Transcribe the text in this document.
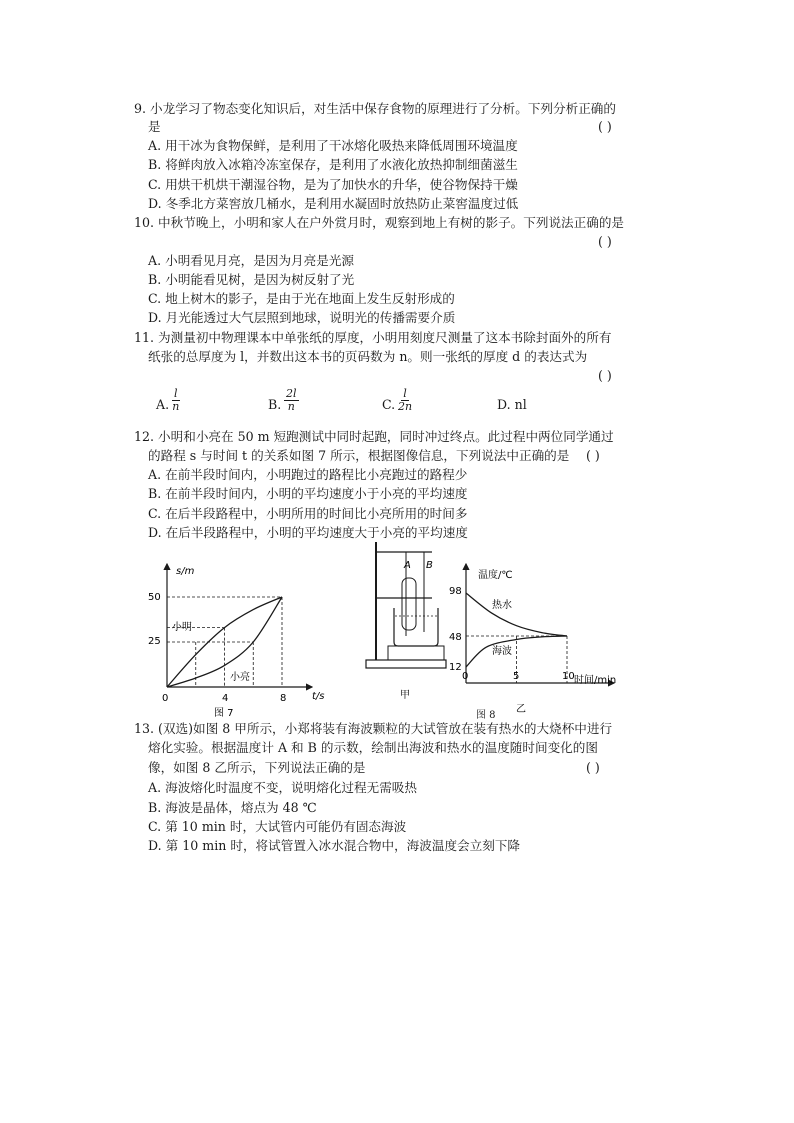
9. 小龙学习了物态变化知识后，对生活中保存食物的原理进行了分析。下列分析正确的
是	( )
A. 用干冰为食物保鲜，是利用了干冰熔化吸热来降低周围环境温度
B. 将鲜肉放入冰箱冷冻室保存，是利用了水液化放热抑制细菌滋生
C. 用烘干机烘干潮湿谷物，是为了加快水的升华，使谷物保持干燥
D. 冬季北方菜窖放几桶水，是利用水凝固时放热防止菜窖温度过低
10. 中秋节晚上，小明和家人在户外赏月时，观察到地上有树的影子。下列说法正确的是
( )
A. 小明看见月亮，是因为月亮是光源
B. 小明能看见树，是因为树反射了光
C. 地上树木的影子，是由于光在地面上发生反射形成的
D. 月光能透过大气层照到地球，说明光的传播需要介质
11. 为测量初中物理课本中单张纸的厚度，小明用刻度尺测量了这本书除封面外的所有
纸张的总厚度为 l，并数出这本书的页码数为 n。则一张纸的厚度 d 的表达式为
( )
A. $\frac{l}{n}$	B. $\frac{2l}{n}$	C. $\frac{l}{2n}$	D. nl
12. 小明和小亮在 50 m 短跑测试中同时起跑，同时冲过终点。此过程中两位同学通过
的路程 s 与时间 t 的关系如图 7 所示，根据图像信息，下列说法中正确的是 ( )
A. 在前半段时间内，小明跑过的路程比小亮跑过的路程少
B. 在前半段时间内，小明的平均速度小于小亮的平均速度
C. 在后半段路程中，小明所用的时间比小亮所用的时间多
D. 在后半段路程中，小明的平均速度大于小亮的平均速度
s/m
t/s
50
25
0	4	8
小明
小亮
图 7
A B
甲
温度/℃
时间/min
98
48
12
0	5	10
热水
海波
乙
图 8
13. (双选)如图 8 甲所示，小郑将装有海波颗粒的大试管放在装有热水的大烧杯中进行
熔化实验。根据温度计 A 和 B 的示数，绘制出海波和热水的温度随时间变化的图
像，如图 8 乙所示，下列说法正确的是	( )
A. 海波熔化时温度不变，说明熔化过程无需吸热
B. 海波是晶体，熔点为 48 ℃
C. 第 10 min 时，大试管内可能仍有固态海波
D. 第 10 min 时，将试管置入冰水混合物中，海波温度会立刻下降
